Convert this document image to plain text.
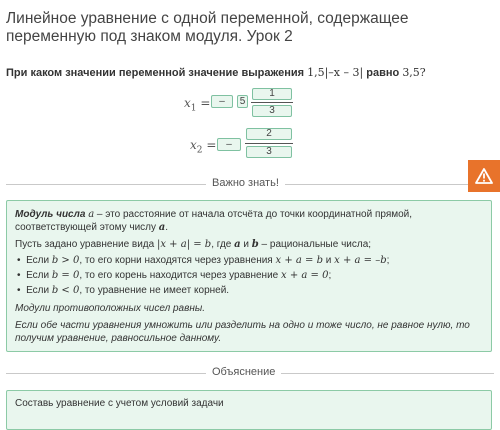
Линейное уравнение с одной переменной, содержащее переменную под знаком модуля. Урок 2
При каком значении переменной значение выражения 1,5|–x – 3| равно 3,5?
$x_1$ = –	5
1
3
$x_2$ = –
2
3
Важно знать!
Модуль числа a – это расстояние от начала отсчёта до точки координатной прямой,
соответствующей этому числу a.
Пусть задано уравнение вида |x + a| = b, где a и b – рациональные числа;
•  Если b > 0, то его корни находятся через уравнения x + a = b и x + a = –b;
•  Если b = 0, то его корень находится через уравнение x + a = 0;
•  Если b < 0, то уравнение не имеет корней.
Модули противоположных чисел равны.
Если обе части уравнения умножить или разделить на одно и тоже число, не равное нулю, то
получим уравнение, равносильное данному.
Объяснение
Составь уравнение с учетом условий задачи
